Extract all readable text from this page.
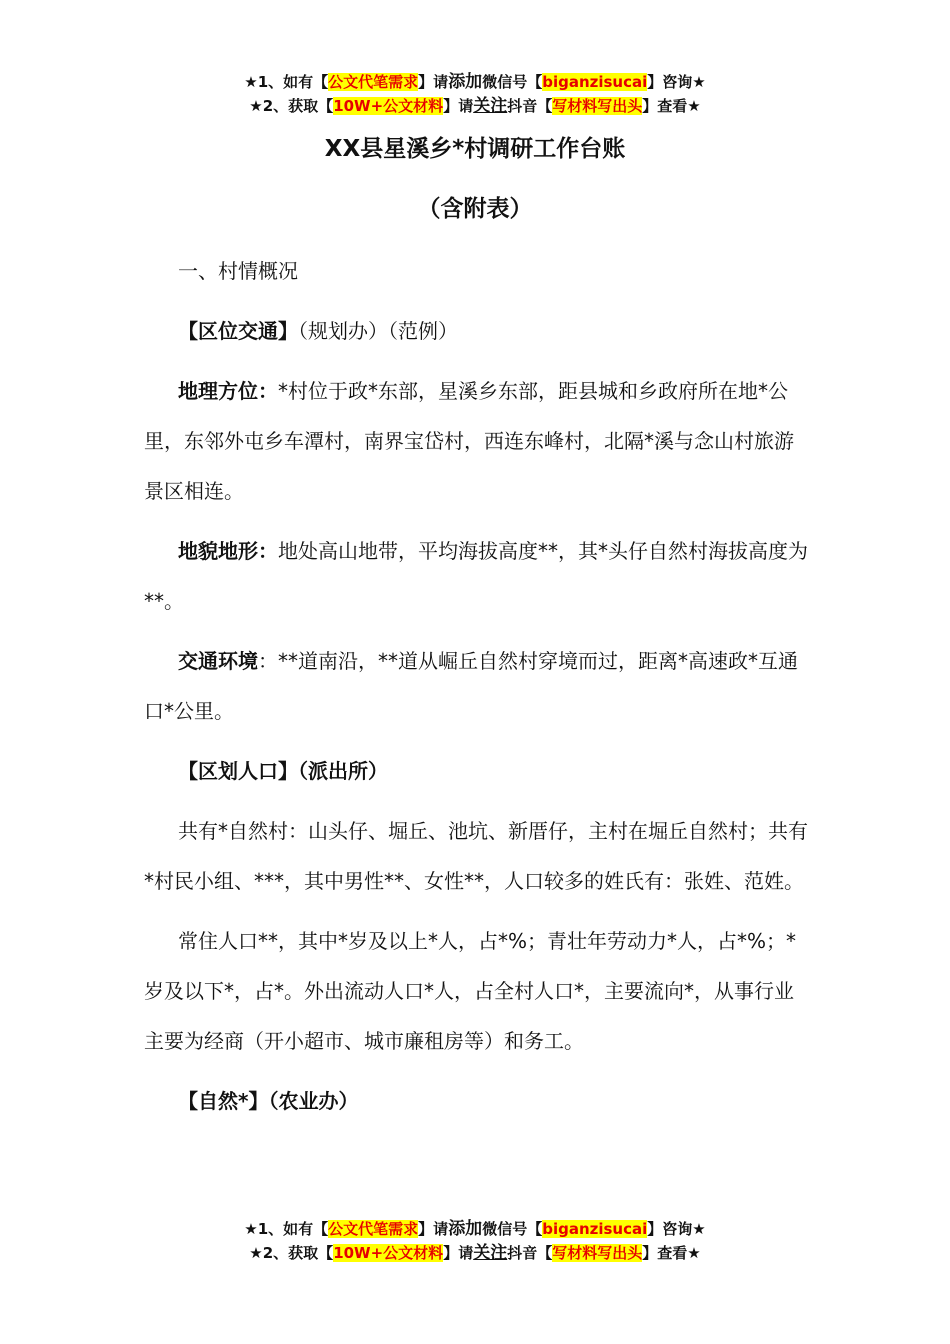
★1、如有【公文代笔需求】请添加微信号【biganzisucai】咨询★
★2、获取【10W+公文材料】请关注抖音【写材料写出头】查看★
XX县星溪乡*村调研工作台账
（含附表）

一、村情概况

【区位交通】（规划办）（范例）

地理方位：*村位于政*东部，星溪乡东部，距县城和乡政府所在地*公里，东邻外屯乡车潭村，南界宝岱村，西连东峰村，北隔*溪与念山村旅游景区相连。

地貌地形：地处高山地带，平均海拔高度**，其*头仔自然村海拔高度为**。

交通环境：**道南沿，**道从崛丘自然村穿境而过，距离*高速政*互通口*公里。

【区划人口】（派出所）

共有*自然村：山头仔、堀丘、池坑、新厝仔，主村在堀丘自然村；共有*村民小组、***，其中男性**、女性**，人口较多的姓氏有：张姓、范姓。

常住人口**，其中*岁及以上*人，占*%；青壮年劳动力*人，占*%；*岁及以下*，占*。外出流动人口*人，占全村人口*，主要流向*，从事行业主要为经商（开小超市、城市廉租房等）和务工。

【自然*】（农业办）

★1、如有【公文代笔需求】请添加微信号【biganzisucai】咨询★
★2、获取【10W+公文材料】请关注抖音【写材料写出头】查看★
